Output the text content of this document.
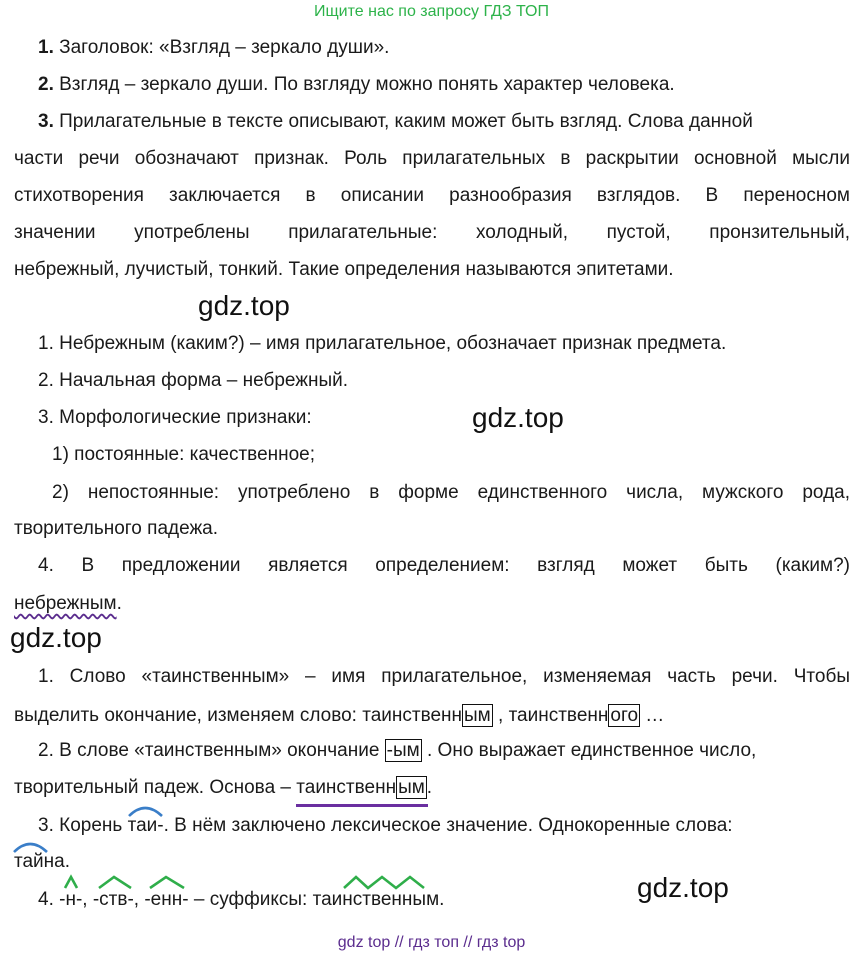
Ищите нас по запросу ГДЗ ТОП
1. Заголовок: «Взгляд – зеркало души».
2. Взгляд – зеркало души. По взгляду можно понять характер человека.
3. Прилагательные в тексте описывают, каким может быть взгляд. Слова данной
части речи обозначают признак. Роль прилагательных в раскрытии основной мысли
стихотворения заключается в описании разнообразия взглядов. В переносном
значении употреблены прилагательные: холодный, пустой, пронзительный,
небрежный, лучистый, тонкий. Такие определения называются эпитетами.
gdz.top
1. Небрежным (каким?) – имя прилагательное, обозначает признак предмета.
2. Начальная форма – небрежный.
3. Морфологические признаки:	gdz.top
1) постоянные: качественное;
2) непостоянные: употреблено в форме единственного числа, мужского рода,
творительного падежа.
4. В предложении является определением: взгляд может быть (каким?)
небрежным.
gdz.top
1. Слово «таинственным» – имя прилагательное, изменяемая часть речи. Чтобы
выделить окончание, изменяем слово: таинственн ым , таинственн ого …
2. В слове «таинственным» окончание -ым . Оно выражает единственное число,
творительный падеж. Основа – таинственн ым .
3. Корень
таи-. В нём заключено лексическое значение. Однокоренные слова:
тайна.
4.
-н-,
-ств-,
-енн- – суффиксы: таи
нственным.	gdz.top
gdz top // гдз топ // гдз top
